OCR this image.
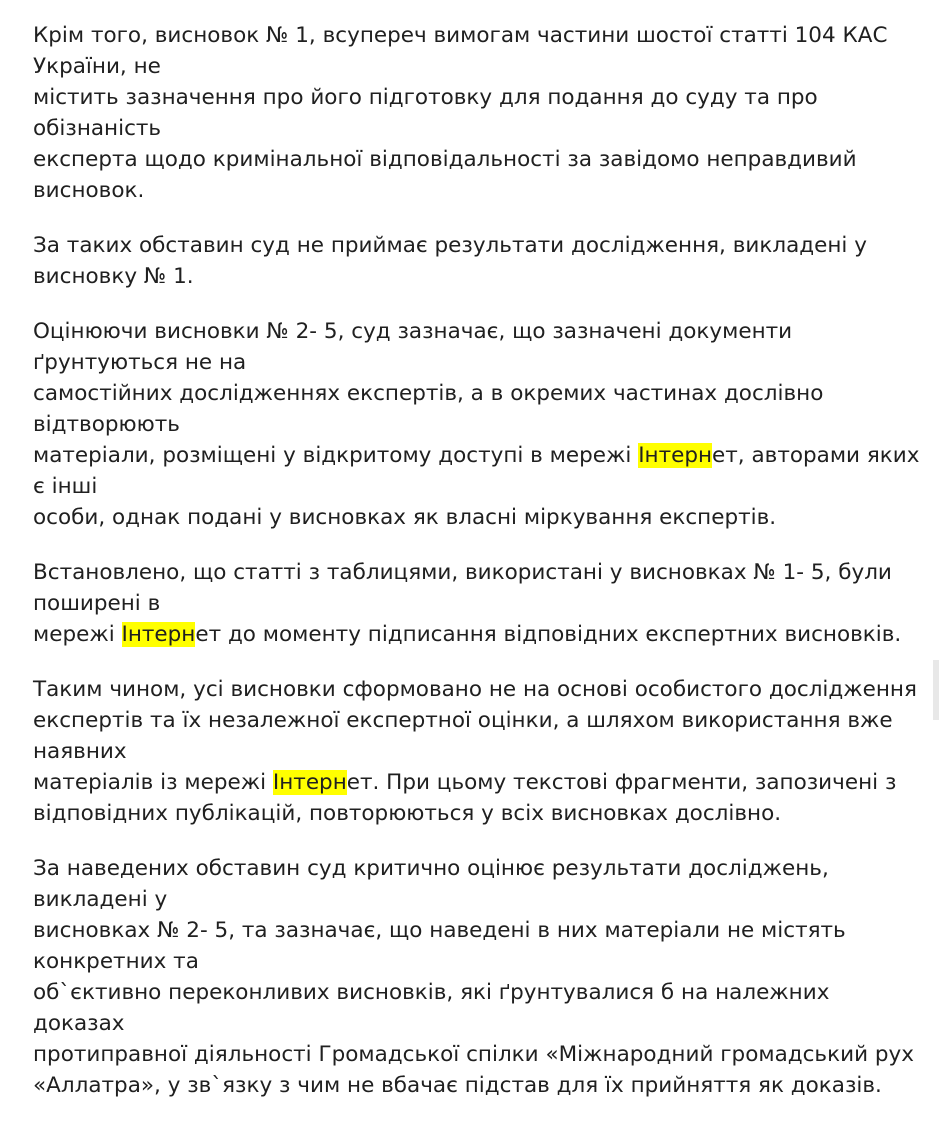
Крім того, висновок № 1, всупереч вимогам частини шостої статті 104 КАС України, не
містить зазначення про його підготовку для подання до суду та про обізнаність
експерта щодо кримінальної відповідальності за завідомо неправдивий висновок.

За таких обставин суд не приймає результати дослідження, викладені у висновку № 1.

Оцінюючи висновки № 2- 5, суд зазначає, що зазначені документи ґрунтуються не на
самостійних дослідженнях експертів, а в окремих частинах дослівно відтворюють
матеріали, розміщені у відкритому доступі в мережі Інтернет, авторами яких є інші
особи, однак подані у висновках як власні міркування експертів.

Встановлено, що статті з таблицями, використані у висновках № 1- 5, були поширені в
мережі Інтернет до моменту підписання відповідних експертних висновків.

Таким чином, усі висновки сформовано не на основі особистого дослідження
експертів та їх незалежної експертної оцінки, а шляхом використання вже наявних
матеріалів із мережі Інтернет. При цьому текстові фрагменти, запозичені з
відповідних публікацій, повторюються у всіх висновках дослівно.

За наведених обставин суд критично оцінює результати досліджень, викладені у
висновках № 2- 5, та зазначає, що наведені в них матеріали не містять конкретних та
об`єктивно переконливих висновків, які ґрунтувалися б на належних доказах
протиправної діяльності Громадської спілки «Міжнародний громадський рух
«Аллатра», у зв`язку з чим не вбачає підстав для їх прийняття як доказів.
